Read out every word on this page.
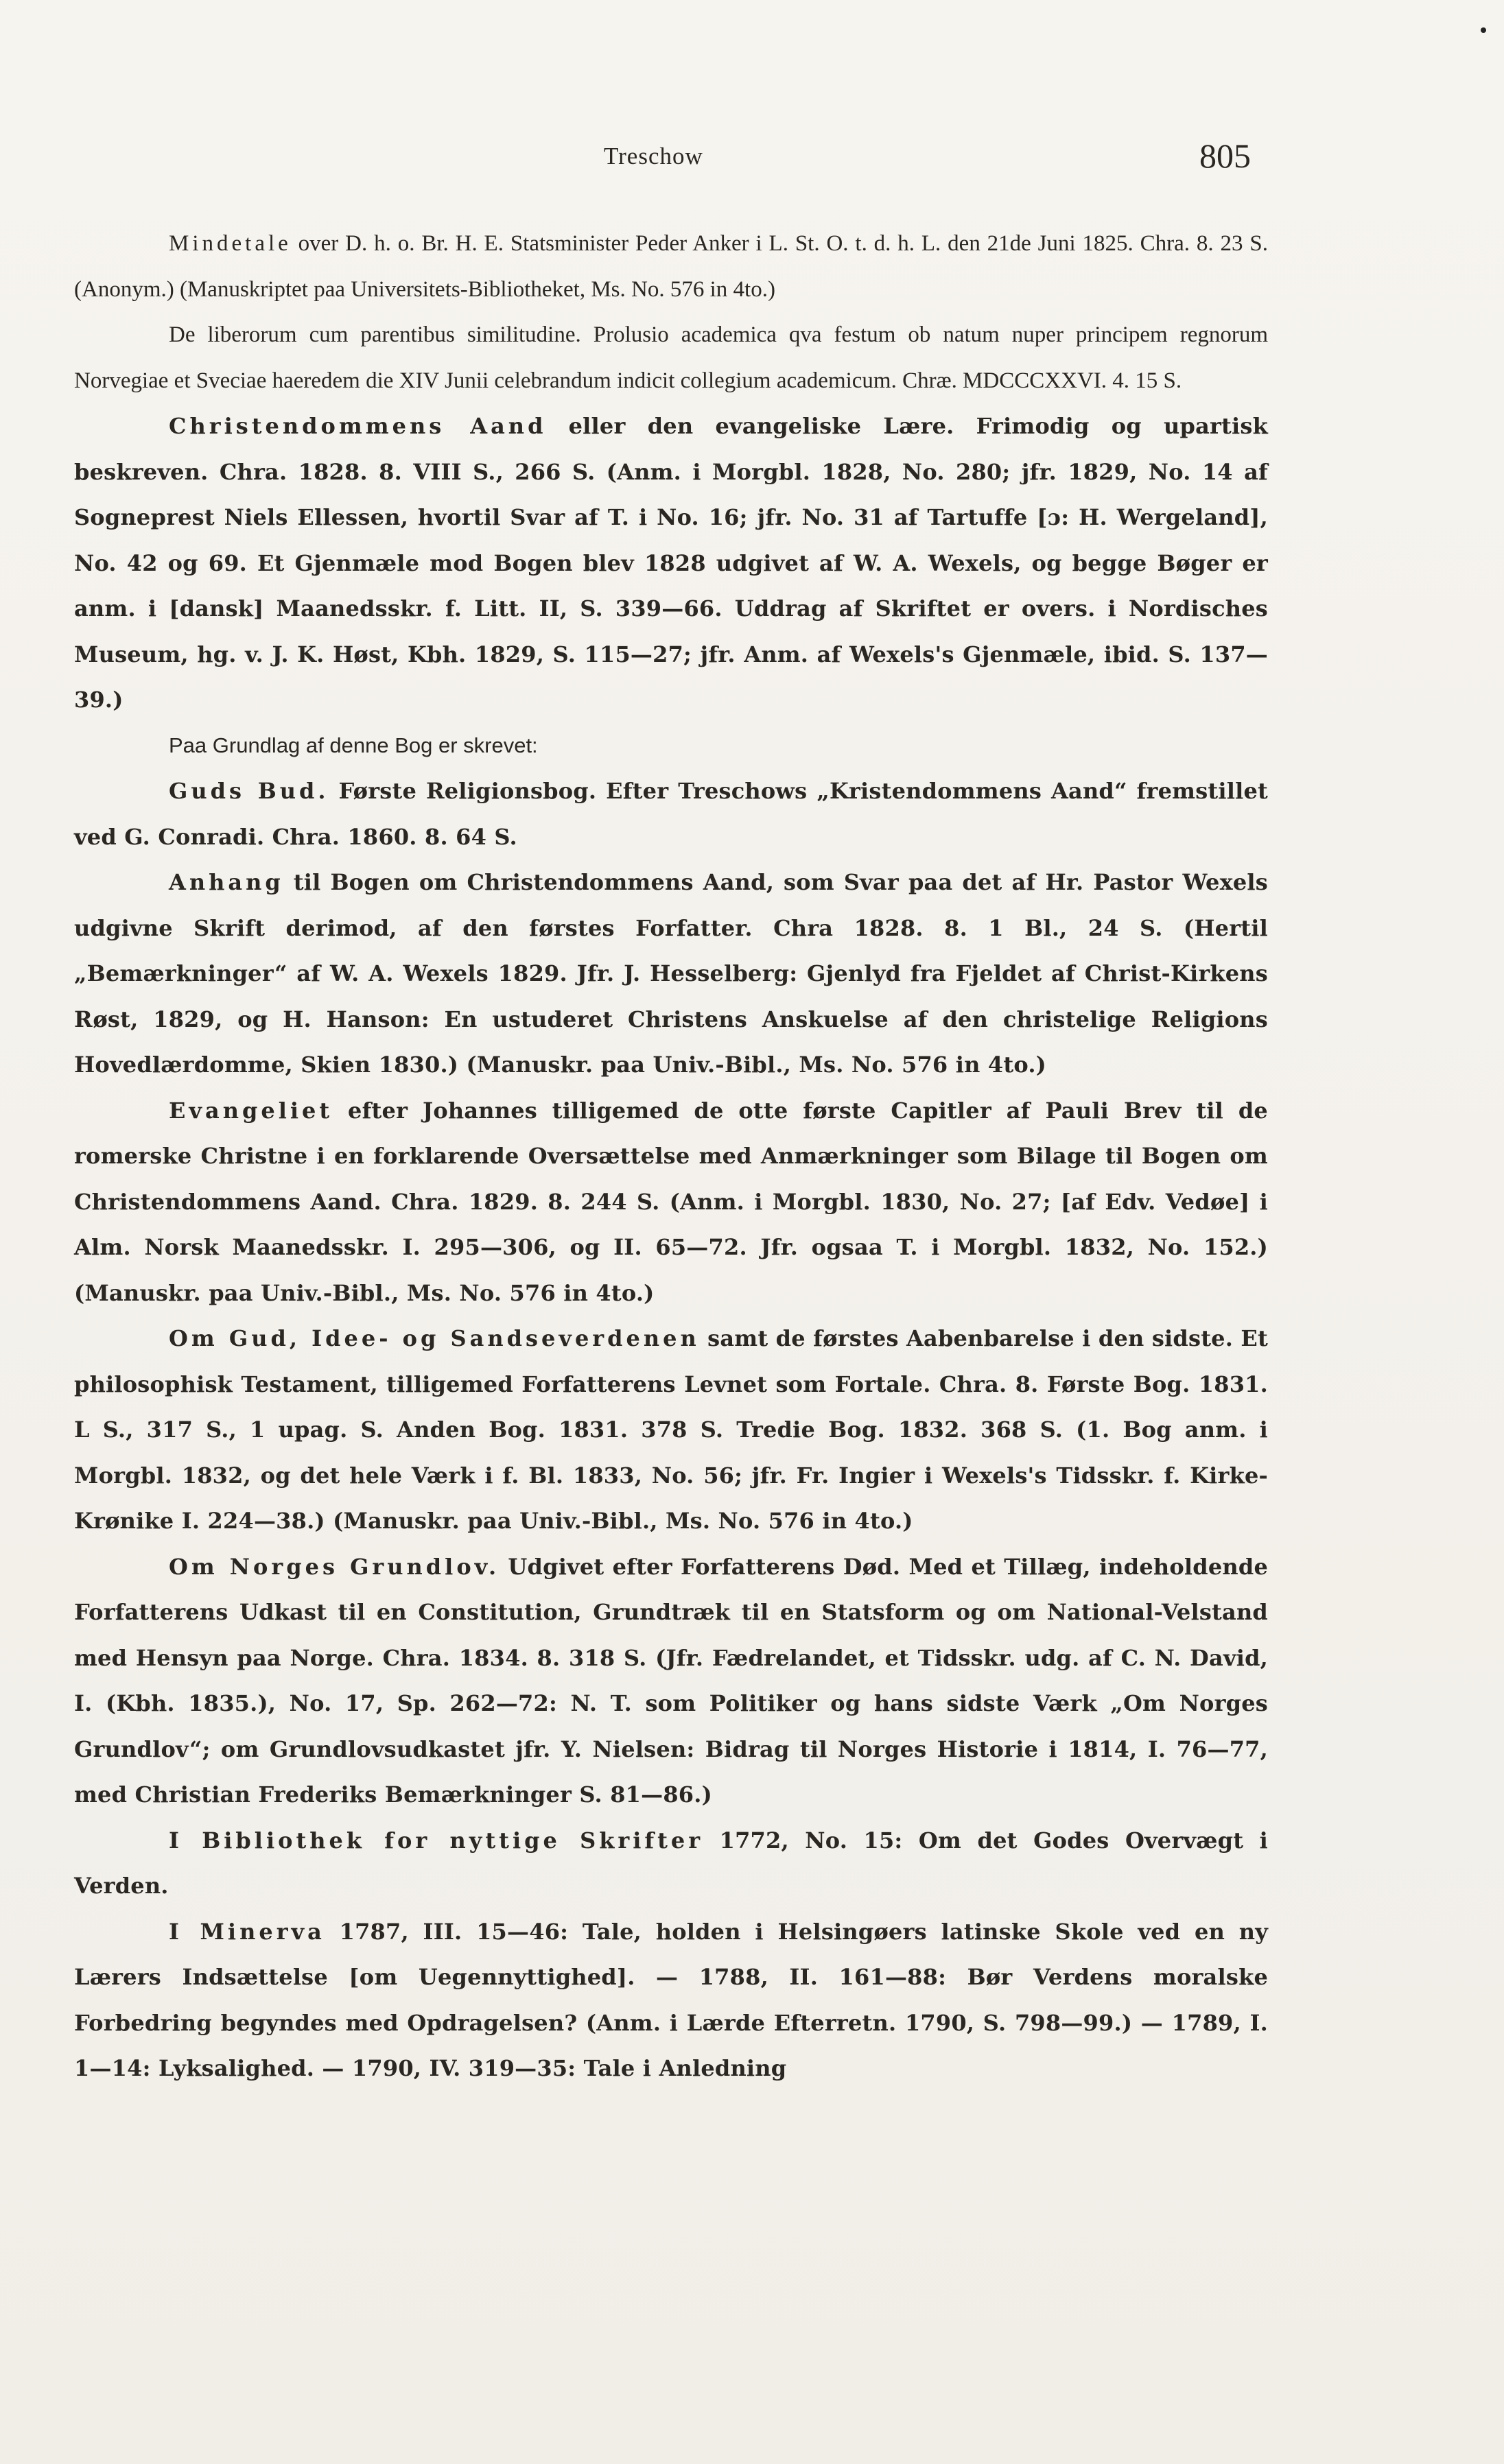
Treschow	805

Mindetale over D. h. o. Br. H. E. Statsminister Peder Anker i L. St. O. t. d. h. L. den 21de Juni 1825. Chra. 8. 23 S. (Anonym.) (Manuskriptet paa Universitets-Bibliotheket, Ms. No. 576 in 4to.)

De liberorum cum parentibus similitudine. Prolusio academica qva festum ob natum nuper principem regnorum Norvegiae et Sveciae haeredem die XIV Junii celebrandum indicit collegium academicum. Chræ. MDCCCXXVI. 4. 15 S.

Christendommens Aand eller den evangeliske Lære. Frimodig og upartisk beskreven. Chra. 1828. 8. VIII S., 266 S. (Anm. i Morgbl. 1828, No. 280; jfr. 1829, No. 14 af Sogneprest Niels Ellessen, hvortil Svar af T. i No. 16; jfr. No. 31 af Tartuffe [ɔ: H. Wergeland], No. 42 og 69. Et Gjenmæle mod Bogen blev 1828 udgivet af W. A. Wexels, og begge Bøger er anm. i [dansk] Maanedsskr. f. Litt. II, S. 339—66. Uddrag af Skriftet er overs. i Nordisches Museum, hg. v. J. K. Høst, Kbh. 1829, S. 115—27; jfr. Anm. af Wexels's Gjenmæle, ibid. S. 137—39.)

Paa Grundlag af denne Bog er skrevet:

Guds Bud. Første Religionsbog. Efter Treschows „Kristendommens Aand“ fremstillet ved G. Conradi. Chra. 1860. 8. 64 S.

Anhang til Bogen om Christendommens Aand, som Svar paa det af Hr. Pastor Wexels udgivne Skrift derimod, af den førstes Forfatter. Chra 1828. 8. 1 Bl., 24 S. (Hertil „Bemærkninger“ af W. A. Wexels 1829. Jfr. J. Hesselberg: Gjenlyd fra Fjeldet af Christ-Kirkens Røst, 1829, og H. Hanson: En ustuderet Christens Anskuelse af den christelige Religions Hovedlærdomme, Skien 1830.) (Manuskr. paa Univ.-Bibl., Ms. No. 576 in 4to.)

Evangeliet efter Johannes tilligemed de otte første Capitler af Pauli Brev til de romerske Christne i en forklarende Oversættelse med Anmærkninger som Bilage til Bogen om Christendommens Aand. Chra. 1829. 8. 244 S. (Anm. i Morgbl. 1830, No. 27; [af Edv. Vedøe] i Alm. Norsk Maanedsskr. I. 295—306, og II. 65—72. Jfr. ogsaa T. i Morgbl. 1832, No. 152.) (Manuskr. paa Univ.-Bibl., Ms. No. 576 in 4to.)

Om Gud, Idee- og Sandseverdenen samt de førstes Aabenbarelse i den sidste. Et philosophisk Testament, tilligemed Forfatterens Levnet som Fortale. Chra. 8. Første Bog. 1831. L S., 317 S., 1 upag. S. Anden Bog. 1831. 378 S. Tredie Bog. 1832. 368 S. (1. Bog anm. i Morgbl. 1832, og det hele Værk i f. Bl. 1833, No. 56; jfr. Fr. Ingier i Wexels's Tidsskr. f. Kirke-Krønike I. 224—38.) (Manuskr. paa Univ.-Bibl., Ms. No. 576 in 4to.)

Om Norges Grundlov. Udgivet efter Forfatterens Død. Med et Tillæg, indeholdende Forfatterens Udkast til en Constitution, Grundtræk til en Statsform og om National-Velstand med Hensyn paa Norge. Chra. 1834. 8. 318 S. (Jfr. Fædrelandet, et Tidsskr. udg. af C. N. David, I. (Kbh. 1835.), No. 17, Sp. 262—72: N. T. som Politiker og hans sidste Værk „Om Norges Grundlov“; om Grundlovsudkastet jfr. Y. Nielsen: Bidrag til Norges Historie i 1814, I. 76—77, med Christian Frederiks Bemærkninger S. 81—86.)

I Bibliothek for nyttige Skrifter 1772, No. 15: Om det Godes Overvægt i Verden.

I Minerva 1787, III. 15—46: Tale, holden i Helsingøers latinske Skole ved en ny Lærers Indsættelse [om Uegennyttighed]. — 1788, II. 161—88: Bør Verdens moralske Forbedring begyndes med Opdragelsen? (Anm. i Lærde Efterretn. 1790, S. 798—99.) — 1789, I. 1—14: Lyksalighed. — 1790, IV. 319—35: Tale i Anledning
